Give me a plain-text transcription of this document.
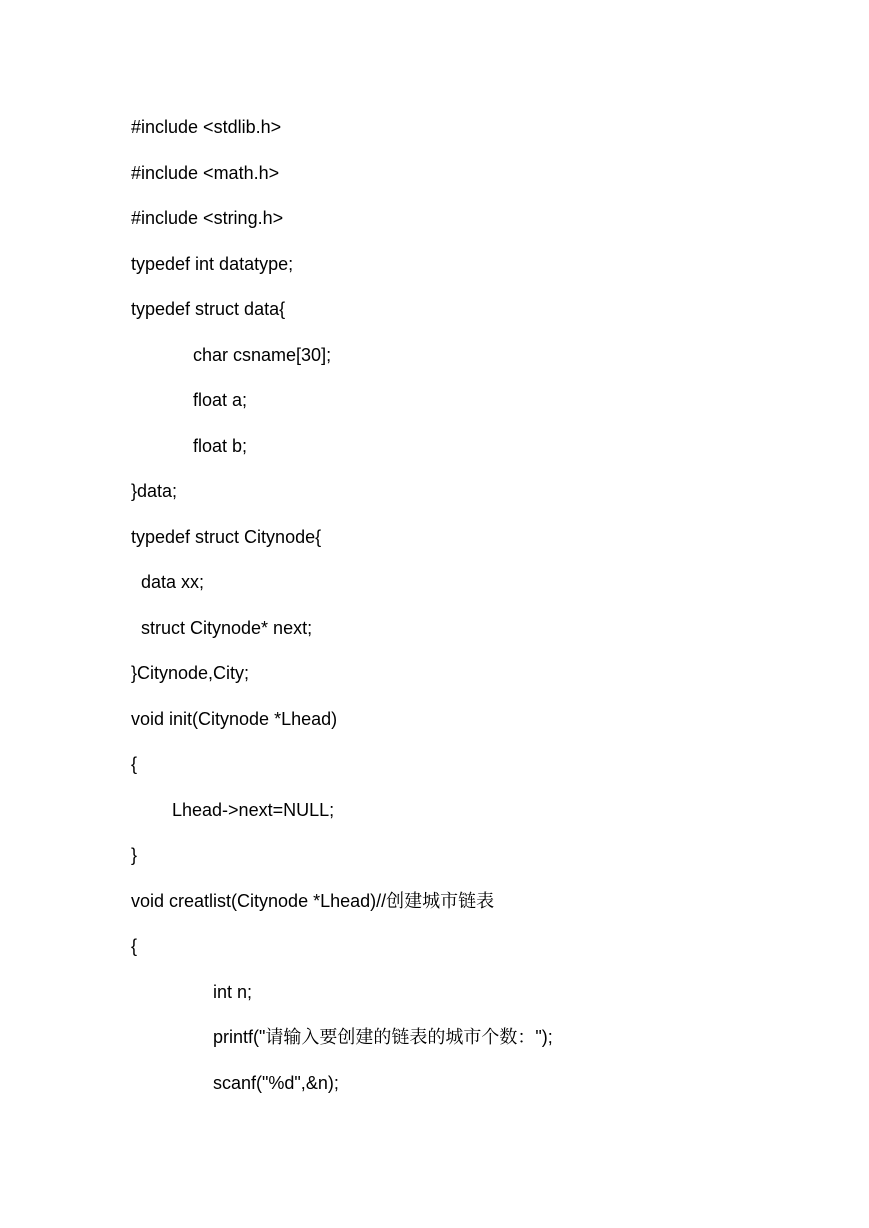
#include <stdlib.h>
#include <math.h>
#include <string.h>
typedef int datatype;
typedef struct data{
char csname[30];
float a;
float b;
}data;
typedef struct Citynode{
data xx;
struct Citynode* next;
}Citynode,City;
void init(Citynode *Lhead)
{
Lhead->next=NULL;
}
void creatlist(Citynode *Lhead)//创建城市链表
{
int n;
printf("请输入要创建的链表的城市个数：");
scanf("%d",&n);
